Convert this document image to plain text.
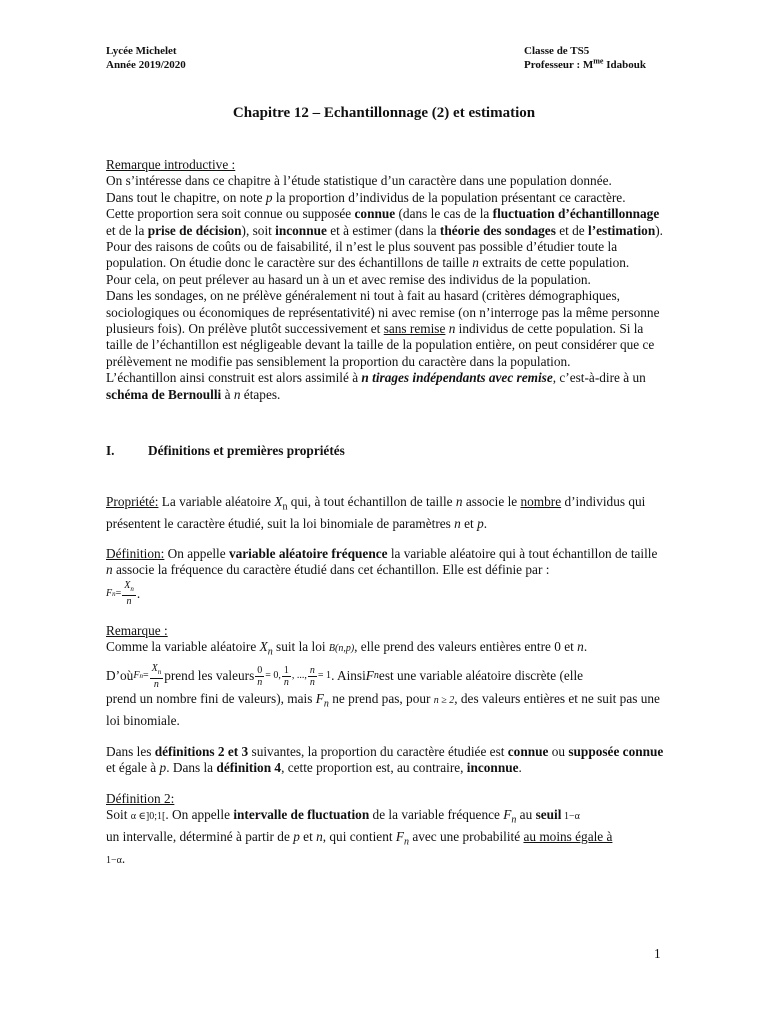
Lycée Michelet
Année 2019/2020
Classe de TS5
Professeur : $M^{me}$ Idabouk
Chapitre 12 – Echantillonnage (2) et estimation

Remarque introductive :

On s’intéresse dans ce chapitre à l’étude statistique d’un caractère dans une population donnée.

Dans tout le chapitre, on note p la proportion d’individus de la population présentant ce caractère.

Cette proportion sera soit connue ou supposée connue (dans le cas de la fluctuation d’échantillonnage et de la prise de décision), soit inconnue et à estimer (dans la théorie des sondages et de l’estimation).

Pour des raisons de coûts ou de faisabilité, il n’est le plus souvent pas possible d’étudier toute la population. On étudie donc le caractère sur des échantillons de taille n extraits de cette population.

Pour cela, on peut prélever au hasard un à un et avec remise des individus de la population.

Dans les sondages, on ne prélève généralement ni tout à fait au hasard (critères démographiques, sociologiques ou économiques de représentativité) ni avec remise (on n’interroge pas la même personne plusieurs fois). On prélève plutôt successivement et sans remise n individus de cette population. Si la taille de l’échantillon est négligeable devant la taille de la population entière, on peut considérer que ce prélèvement ne modifie pas sensiblement la proportion du caractère dans la population.

L’échantillon ainsi construit est alors assimilé à n tirages indépendants avec remise, c’est-à-dire à un schéma de Bernoulli à n étapes.

I.	Définitions et premières propriétés

Propriété: La variable aléatoire $X_n$ qui, à tout échantillon de taille n associe le nombre d’individus qui présentent le caractère étudié, suit la loi binomiale de paramètres n et p.

Définition: On appelle variable aléatoire fréquence la variable aléatoire qui à tout échantillon de taille n associe la fréquence du caractère étudié dans cet échantillon. Elle est définie par :

F $n = \frac{X_n}{n}$ .

Remarque :

Comme la variable aléatoire $X_n$ suit la loi B(n,p), elle prend des valeurs entières entre 0 et n.

D’où F $n = \frac{X_n}{n}$ prend les valeurs $\frac{0}{n} = 0$, $\frac{1}{n}$ , ..., $\frac{n}{n} = 1$ . Ainsi F n est une variable aléatoire discrète (elle

prend un nombre fini de valeurs), mais $F_n$ ne prend pas, pour n ≥ 2, des valeurs entières et ne suit pas une loi binomiale.

Dans les définitions 2 et 3 suivantes, la proportion du caractère étudiée est connue ou supposée connue et égale à p. Dans la définition 4, cette proportion est, au contraire, inconnue.

Définition 2:

Soit α ∈]0;1[. On appelle intervalle de fluctuation de la variable fréquence $F_n$ au seuil 1−α

un intervalle, déterminé à partir de p et n, qui contient $F_n$ avec une probabilité au moins égale à

1−α.

1
